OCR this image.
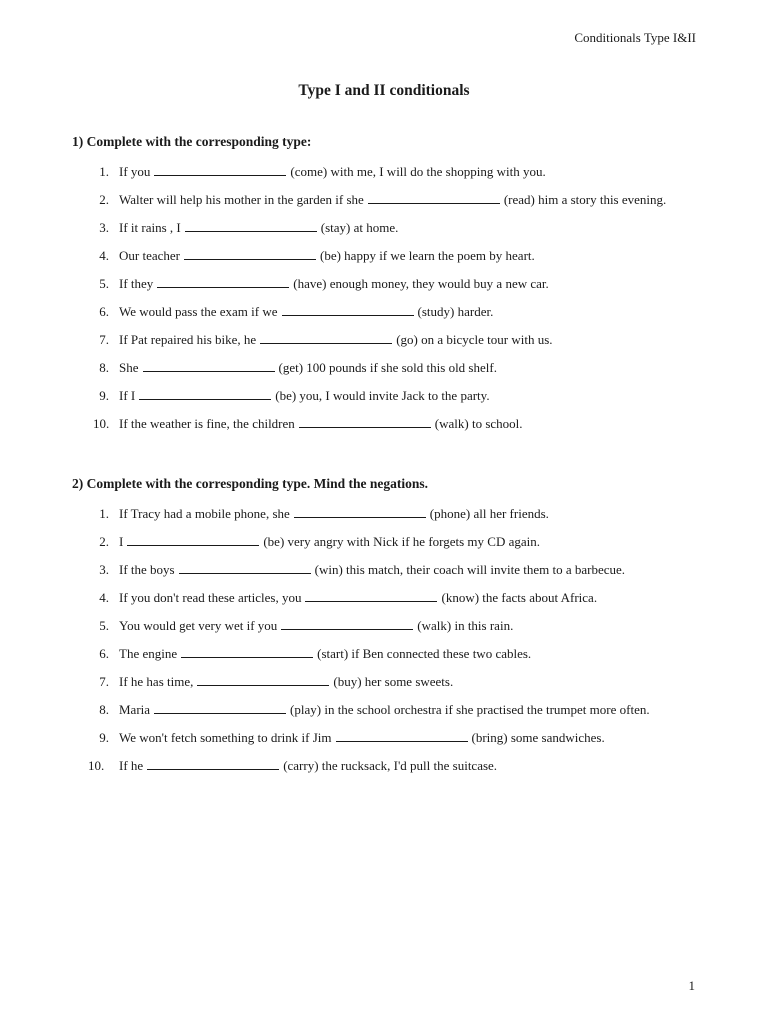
Conditionals Type I&II
Type I and II conditionals
1) Complete with the corresponding type:
1. If you	(come) with me, I will do the shopping with you.
2. Walter will help his mother in the garden if she	(read) him a story this evening.
3. If it rains , I	(stay) at home.
4. Our teacher	(be) happy if we learn the poem by heart.
5. If they	(have) enough money, they would buy a new car.
6. We would pass the exam if we	(study) harder.
7. If Pat repaired his bike, he	(go) on a bicycle tour with us.
8. She	(get) 100 pounds if she sold this old shelf.
9. If I	(be) you, I would invite Jack to the party.
10. If the weather is fine, the children	(walk) to school.
2) Complete with the corresponding type. Mind the negations.
1. If Tracy had a mobile phone, she	(phone) all her friends.
2. I	(be) very angry with Nick if he forgets my CD again.
3. If the boys	(win) this match, their coach will invite them to a barbecue.
4. If you don't read these articles, you	(know) the facts about Africa.
5. You would get very wet if you	(walk) in this rain.
6. The engine	(start) if Ben connected these two cables.
7. If he has time,	(buy) her some sweets.
8. Maria	(play) in the school orchestra if she practised the trumpet more often.
9. We won't fetch something to drink if Jim	(bring) some sandwiches.
10.	If he	(carry) the rucksack, I'd pull the suitcase.
1
